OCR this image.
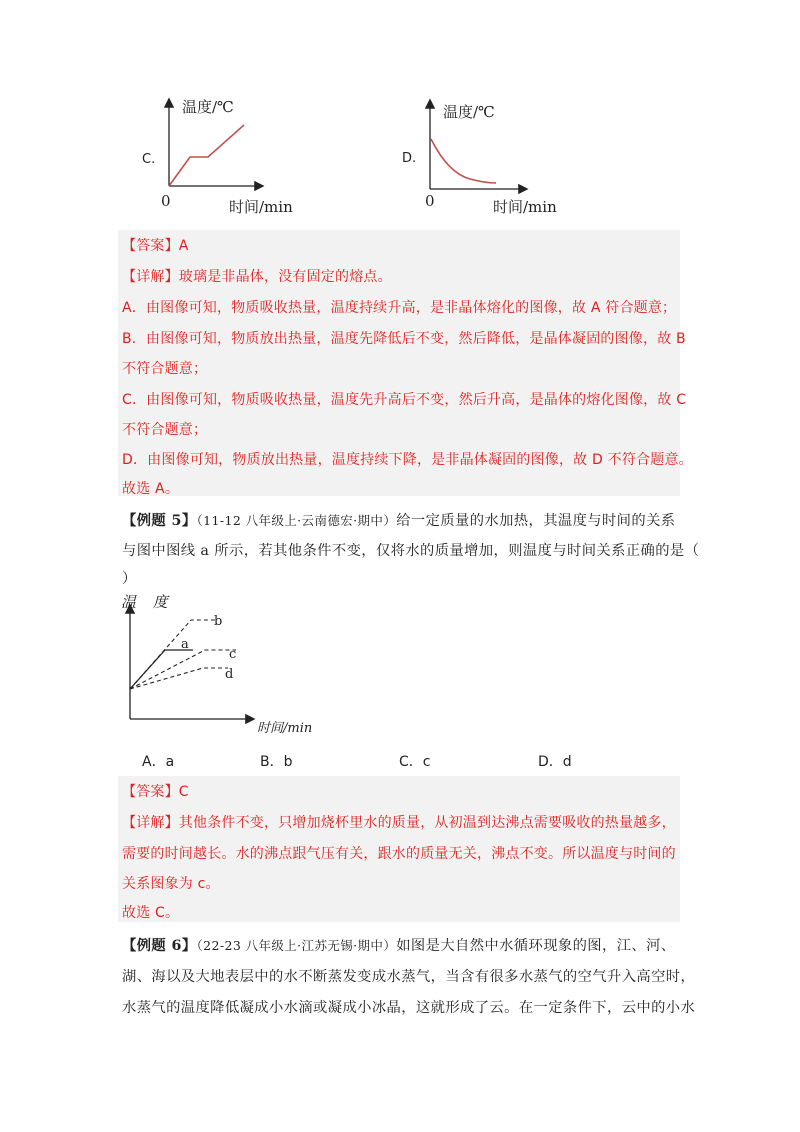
C.
温度/℃
0	时间/min
D.
温度/℃
0	时间/min
【答案】A
【详解】玻璃是非晶体，没有固定的熔点。
A．由图像可知，物质吸收热量，温度持续升高，是非晶体熔化的图像，故 A 符合题意；
B．由图像可知，物质放出热量，温度先降低后不变，然后降低，是晶体凝固的图像，故 B
不符合题意；
C．由图像可知，物质吸收热量，温度先升高后不变，然后升高，是晶体的熔化图像，故 C
不符合题意；
D．由图像可知，物质放出热量，温度持续下降，是非晶体凝固的图像，故 D 不符合题意。
故选 A。
【例题 5】（11-12 八年级上·云南德宏·期中）给一定质量的水加热，其温度与时间的关系
与图中图线 a 所示，若其他条件不变，仅将水的质量增加，则温度与时间关系正确的是（
）
b
a
c
d
温 度
时间/min
A．a	B．b	C．c	D．d
【答案】C
【详解】其他条件不变，只增加烧杯里水的质量，从初温到达沸点需要吸收的热量越多，
需要的时间越长。水的沸点跟气压有关，跟水的质量无关，沸点不变。所以温度与时间的
关系图象为 c。
故选 C。
【例题 6】（22-23 八年级上·江苏无锡·期中）如图是大自然中水循环现象的图，江、河、
湖、海以及大地表层中的水不断蒸发变成水蒸气，当含有很多水蒸气的空气升入高空时，
水蒸气的温度降低凝成小水滴或凝成小冰晶，这就形成了云。在一定条件下，云中的小水
